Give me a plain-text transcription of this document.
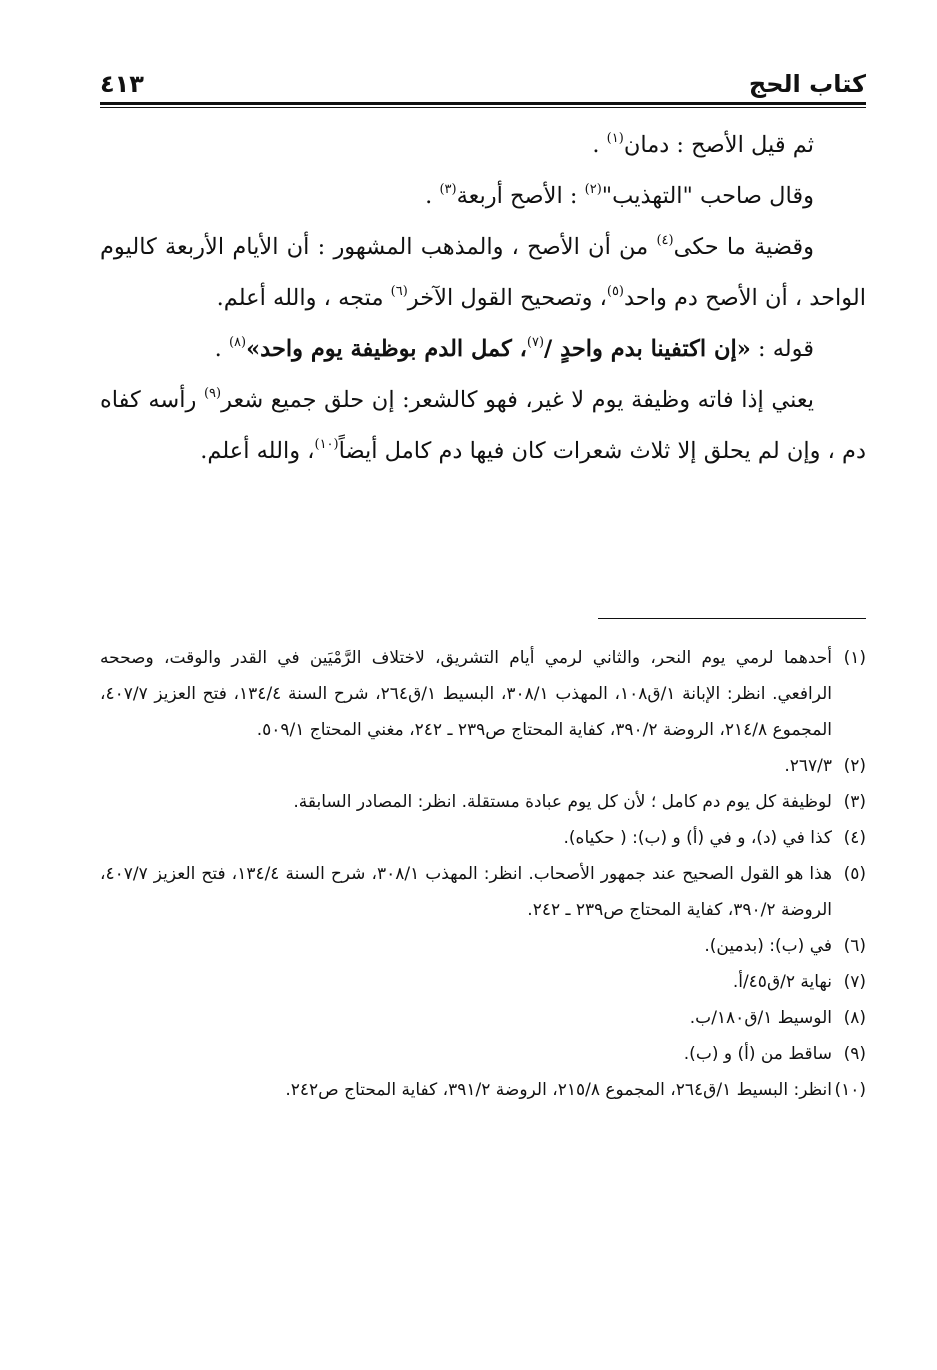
كتاب الحج
٤١٣

ثم قيل الأصح : دمان$^{(١)}$ .

وقال صاحب "التهذيب"$^{(٢)}$ : الأصح أربعة$^{(٣)}$ .

وقضية ما حكى$^{(٤)}$ من أن الأصح ، والمذهب المشهور : أن الأيام الأربعة كاليوم الواحد ، أن الأصح دم واحد$^{(٥)}$، وتصحيح القول الآخر$^{(٦)}$ متجه ، والله أعلم.

قوله : «إن اكتفينا بدم واحدٍ /$^{(٧)}$، كمل الدم بوظيفة يوم واحد»$^{(٨)}$ .

يعني إذا فاته وظيفة يوم لا غير، فهو كالشعر: إن حلق جميع شعر$^{(٩)}$ رأسه كفاه دم ، وإن لم يحلق إلا ثلاث شعرات كان فيها دم كامل أيضاً$^{(١٠)}$، والله أعلم.

(١)
أحدهما لرمي يوم النحر، والثاني لرمي أيام التشريق، لاختلاف الرَّمْيَين في القدر والوقت، وصححه الرافعي. انظر: الإبانة ١/ق١٠٨، المهذب ٣٠٨/١، البسيط ١/ق٢٦٤، شرح السنة ١٣٤/٤، فتح العزيز ٤٠٧/٧، المجموع ٢١٤/٨، الروضة ٣٩٠/٢، كفاية المحتاج ص٢٣٩ ـ ٢٤٢، مغني المحتاج ٥٠٩/١.
(٢)
٢٦٧/٣.
(٣)
لوظيفة كل يوم دم كامل ؛ لأن كل يوم عبادة مستقلة. انظر: المصادر السابقة.
(٤)
كذا في (د)، و في (أ) و (ب): ( حكياه).
(٥)
هذا هو القول الصحيح عند جمهور الأصحاب. انظر: المهذب ٣٠٨/١، شرح السنة ١٣٤/٤، فتح العزيز ٤٠٧/٧، الروضة ٣٩٠/٢، كفاية المحتاج ص٢٣٩ ـ ٢٤٢.
(٦)
في (ب): (بدمين).
(٧)
نهاية ٢/ق٤٥/أ.
(٨)
الوسيط ١/ق١٨٠/ب.
(٩)
ساقط من (أ) و (ب).
(١٠)
انظر: البسيط ١/ق٢٦٤، المجموع ٢١٥/٨، الروضة ٣٩١/٢، كفاية المحتاج ص٢٤٢.
